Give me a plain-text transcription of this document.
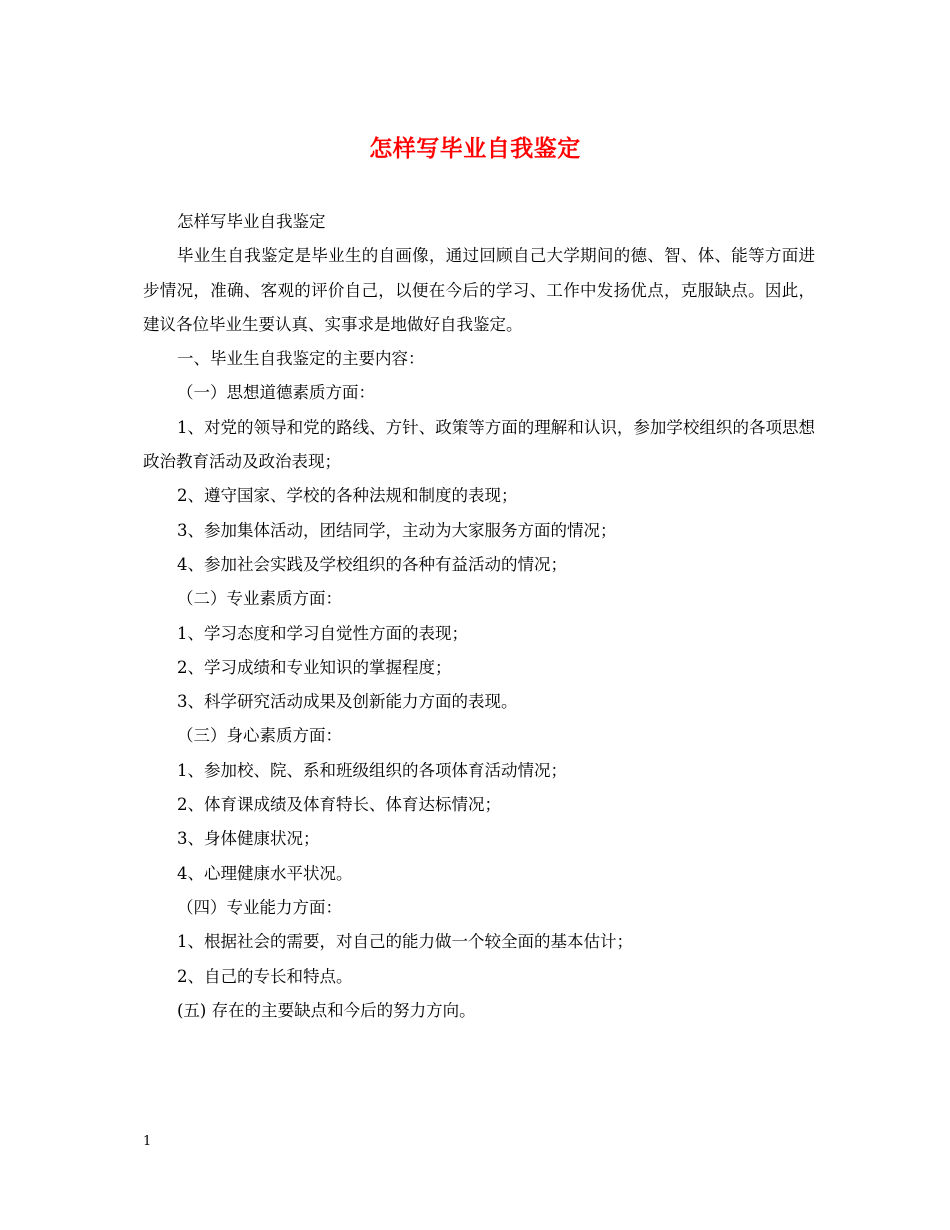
怎样写毕业自我鉴定

怎样写毕业自我鉴定

毕业生自我鉴定是毕业生的自画像，通过回顾自己大学期间的德、智、体、能等方面进步情况，准确、客观的评价自己，以便在今后的学习、工作中发扬优点，克服缺点。因此，建议各位毕业生要认真、实事求是地做好自我鉴定。

一、毕业生自我鉴定的主要内容：

（一）思想道德素质方面：

1、对党的领导和党的路线、方针、政策等方面的理解和认识，参加学校组织的各项思想政治教育活动及政治表现；

2、遵守国家、学校的各种法规和制度的表现；

3、参加集体活动，团结同学，主动为大家服务方面的情况；

4、参加社会实践及学校组织的各种有益活动的情况；

（二）专业素质方面：

1、学习态度和学习自觉性方面的表现；

2、学习成绩和专业知识的掌握程度；

3、科学研究活动成果及创新能力方面的表现。

（三）身心素质方面：

1、参加校、院、系和班级组织的各项体育活动情况；

2、体育课成绩及体育特长、体育达标情况；

3、身体健康状况；

4、心理健康水平状况。

（四）专业能力方面：

1、根据社会的需要，对自己的能力做一个较全面的基本估计；

2、自己的专长和特点。

(五) 存在的主要缺点和今后的努力方向。

1
